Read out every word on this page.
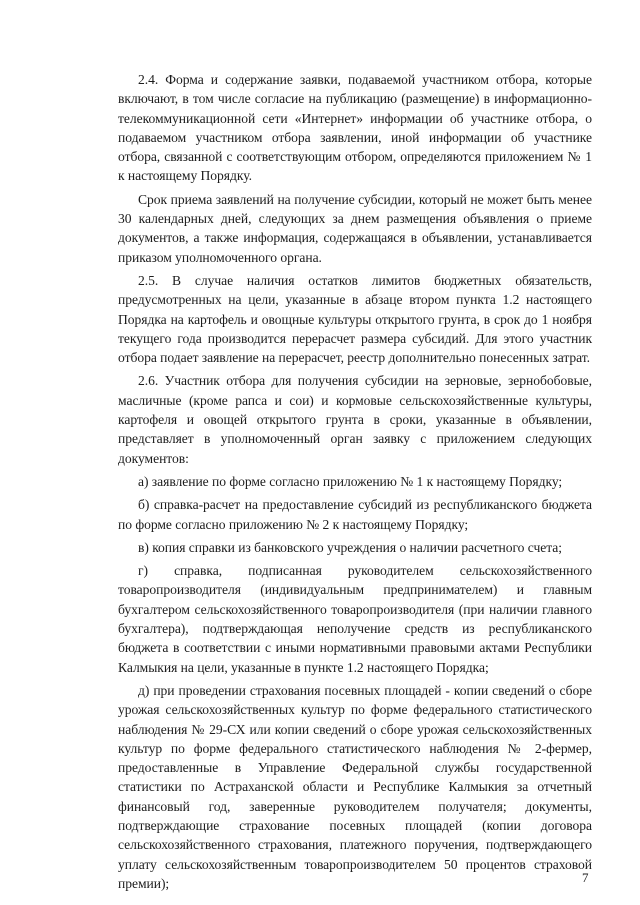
2.4. Форма и содержание заявки, подаваемой участником отбора, которые включают, в том числе согласие на публикацию (размещение) в информационно-телекоммуникационной сети «Интернет» информации об участнике отбора, о подаваемом участником отбора заявлении, иной информации об участнике отбора, связанной с соответствующим отбором, определяются приложением № 1 к настоящему Порядку.

Срок приема заявлений на получение субсидии, который не может быть менее 30 календарных дней, следующих за днем размещения объявления о приеме документов, а также информация, содержащаяся в объявлении, устанавливается приказом уполномоченного органа.

2.5. В случае наличия остатков лимитов бюджетных обязательств, предусмотренных на цели, указанные в абзаце втором пункта 1.2 настоящего Порядка на картофель и овощные культуры открытого грунта, в срок до 1 ноября текущего года производится перерасчет размера субсидий. Для этого участник отбора подает заявление на перерасчет, реестр дополнительно понесенных затрат.

2.6. Участник отбора для получения субсидии на зерновые, зернобобовые, масличные (кроме рапса и сои) и кормовые сельскохозяйственные культуры, картофеля и овощей открытого грунта в сроки, указанные в объявлении, представляет в уполномоченный орган заявку с приложением следующих документов:

а) заявление по форме согласно приложению № 1 к настоящему Порядку;

б) справка-расчет на предоставление субсидий из республиканского бюджета по форме согласно приложению № 2 к настоящему Порядку;

в) копия справки из банковского учреждения о наличии расчетного счета;

г) справка, подписанная руководителем сельскохозяйственного товаропроизводителя (индивидуальным предпринимателем) и главным бухгалтером сельскохозяйственного товаропроизводителя (при наличии главного бухгалтера), подтверждающая неполучение средств из республиканского бюджета в соответствии с иными нормативными правовыми актами Республики Калмыкия на цели, указанные в пункте 1.2 настоящего Порядка;

д) при проведении страхования посевных площадей - копии сведений о сборе урожая сельскохозяйственных культур по форме федерального статистического наблюдения № 29-СХ или копии сведений о сборе урожая сельскохозяйственных культур по форме федерального статистического наблюдения № 2-фермер, предоставленные в Управление Федеральной службы государственной статистики по Астраханской области и Республике Калмыкия за отчетный финансовый год, заверенные руководителем получателя; документы, подтверждающие страхование посевных площадей (копии договора сельскохозяйственного страхования, платежного поручения, подтверждающего уплату сельскохозяйственным товаропроизводителем 50 процентов страховой премии);	7
